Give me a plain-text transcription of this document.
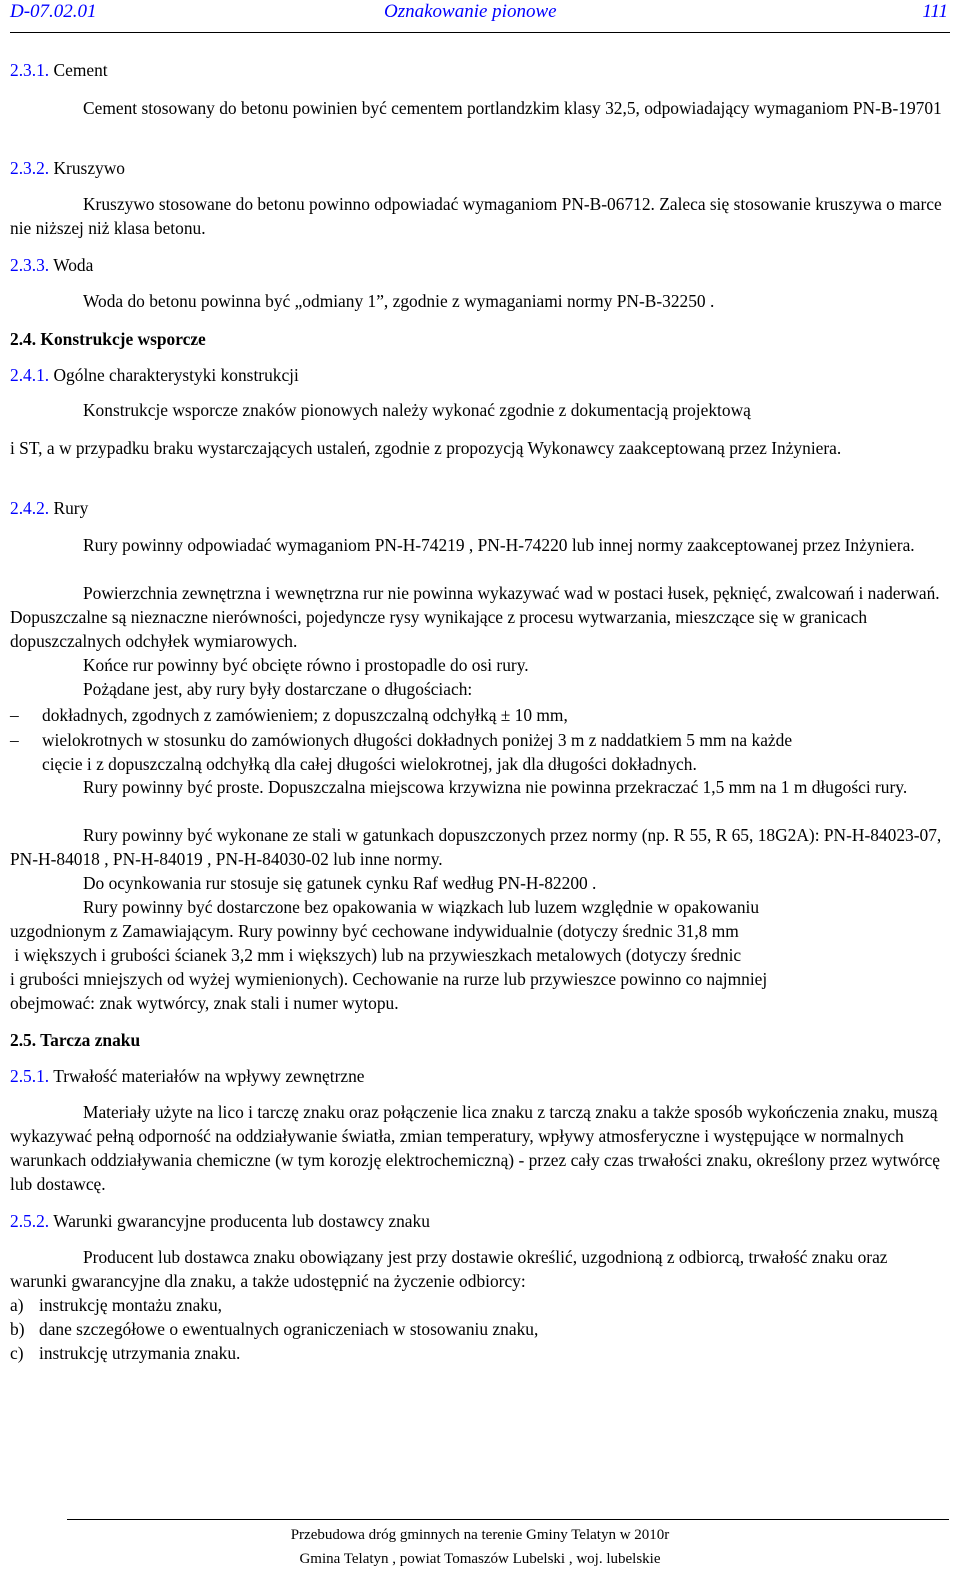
D-07.02.01	Oznakowanie pionowe	111
2.3.1. Cement
Cement stosowany do betonu powinien być cementem portlandzkim klasy 32,5, odpowiadający wymaganiom PN-B-19701
2.3.2. Kruszywo
Kruszywo stosowane do betonu powinno odpowiadać wymaganiom PN-B-06712. Zaleca się stosowanie kruszywa o marce nie niższej niż klasa betonu.
2.3.3. Woda
Woda do betonu powinna być „odmiany 1”, zgodnie z wymaganiami normy PN-B-32250 .
2.4. Konstrukcje wsporcze
2.4.1. Ogólne charakterystyki konstrukcji
Konstrukcje wsporcze znaków pionowych należy wykonać zgodnie z dokumentacją projektową
i ST, a w przypadku braku wystarczających ustaleń, zgodnie z propozycją Wykonawcy zaakceptowaną przez Inżyniera.
2.4.2. Rury
Rury powinny odpowiadać wymaganiom PN-H-74219 , PN-H-74220 lub innej normy zaakceptowanej przez Inżyniera.
Powierzchnia zewnętrzna i wewnętrzna rur nie powinna wykazywać wad w postaci łusek, pęknięć, zwalcowań i naderwań. Dopuszczalne są nieznaczne nierówności, pojedyncze rysy wynikające z procesu wytwarzania, mieszczące się w granicach dopuszczalnych odchyłek wymiarowych.
Końce rur powinny być obcięte równo i prostopadle do osi rury.
Pożądane jest, aby rury były dostarczane o długościach:
– dokładnych, zgodnych z zamówieniem; z dopuszczalną odchyłką ± 10 mm,
– wielokrotnych w stosunku do zamówionych długości dokładnych poniżej 3 m z naddatkiem 5 mm na każde
cięcie i z dopuszczalną odchyłką dla całej długości wielokrotnej, jak dla długości dokładnych.
Rury powinny być proste. Dopuszczalna miejscowa krzywizna nie powinna przekraczać 1,5 mm na 1 m długości rury.
Rury powinny być wykonane ze stali w gatunkach dopuszczonych przez normy (np. R 55, R 65, 18G2A): PN-H-84023-07, PN-H-84018 , PN-H-84019 , PN-H-84030-02 lub inne normy.
Do ocynkowania rur stosuje się gatunek cynku Raf według PN-H-82200 .
Rury powinny być dostarczone bez opakowania w wiązkach lub luzem względnie w opakowaniu
uzgodnionym z Zamawiającym. Rury powinny być cechowane indywidualnie (dotyczy średnic 31,8 mm
i większych i grubości ścianek 3,2 mm i większych) lub na przywieszkach metalowych (dotyczy średnic
i grubości mniejszych od wyżej wymienionych). Cechowanie na rurze lub przywieszce powinno co najmniej
obejmować: znak wytwórcy, znak stali i numer wytopu.
2.5. Tarcza znaku
2.5.1. Trwałość materiałów na wpływy zewnętrzne
Materiały użyte na lico i tarczę znaku oraz połączenie lica znaku z tarczą znaku a także sposób wykończenia znaku, muszą wykazywać pełną odporność na oddziaływanie światła, zmian temperatury, wpływy atmosferyczne i występujące w normalnych warunkach oddziaływania chemiczne (w tym korozję elektrochemiczną) - przez cały czas trwałości znaku, określony przez wytwórcę lub dostawcę.
2.5.2. Warunki gwarancyjne producenta lub dostawcy znaku
Producent lub dostawca znaku obowiązany jest przy dostawie określić, uzgodnioną z odbiorcą, trwałość znaku oraz warunki gwarancyjne dla znaku, a także udostępnić na życzenie odbiorcy:
a) instrukcję montażu znaku,
b) dane szczegółowe o ewentualnych ograniczeniach w stosowaniu znaku,
c) instrukcję utrzymania znaku.
Przebudowa dróg gminnych na terenie Gminy Telatyn w 2010r
Gmina Telatyn , powiat Tomaszów Lubelski , woj. lubelskie
